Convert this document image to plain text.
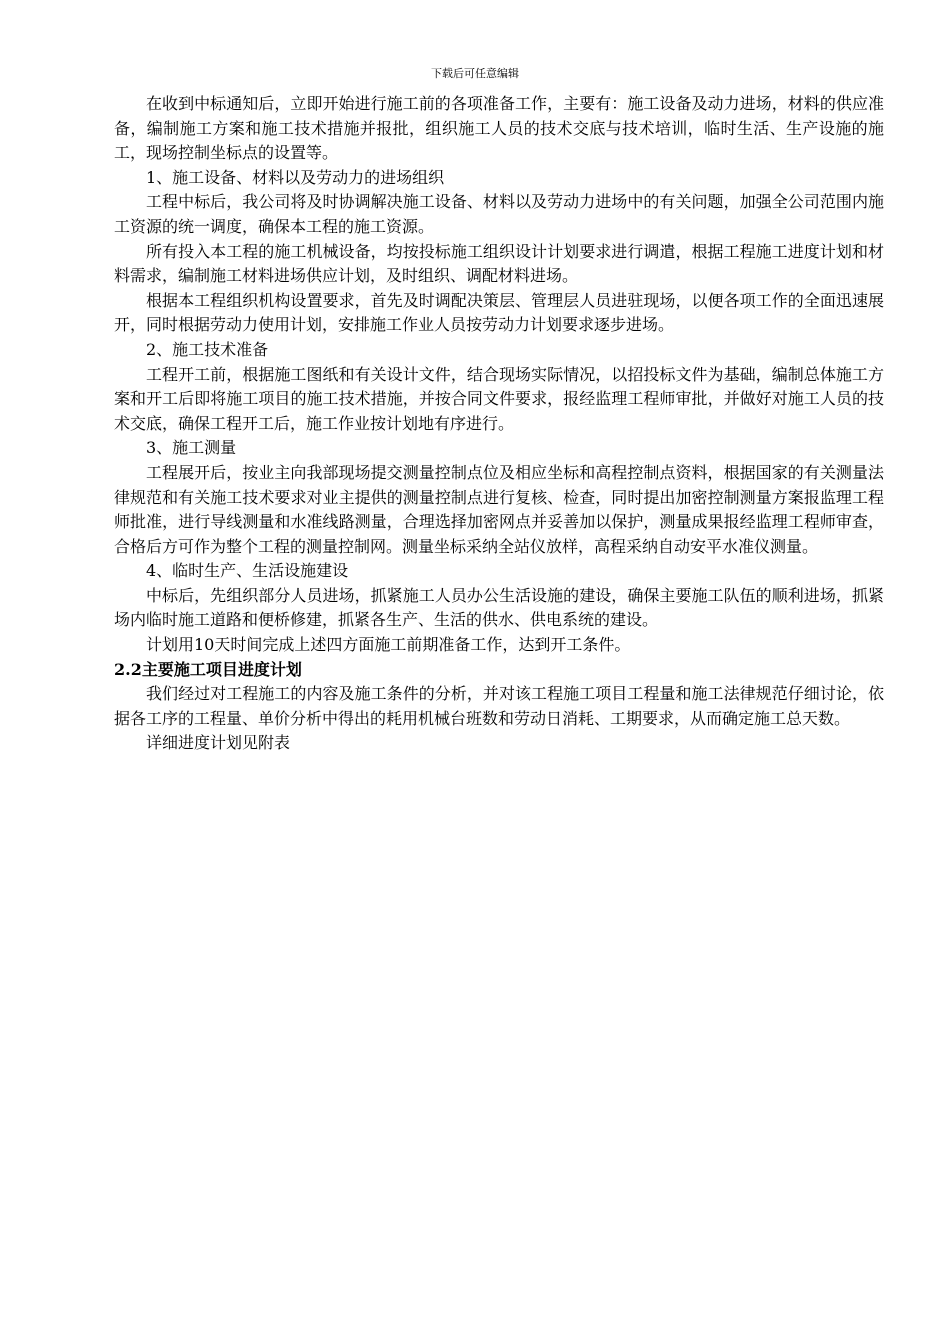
下载后可任意编辑

在收到中标通知后，立即开始进行施工前的各项准备工作，主要有：施工设备及动力进场，材料的供应准备，编制施工方案和施工技术措施并报批，组织施工人员的技术交底与技术培训，临时生活、生产设施的施工，现场控制坐标点的设置等。

1、施工设备、材料以及劳动力的进场组织

工程中标后，我公司将及时协调解决施工设备、材料以及劳动力进场中的有关问题，加强全公司范围内施工资源的统一调度，确保本工程的施工资源。

所有投入本工程的施工机械设备，均按投标施工组织设计计划要求进行调遣，根据工程施工进度计划和材料需求，编制施工材料进场供应计划，及时组织、调配材料进场。

根据本工程组织机构设置要求，首先及时调配决策层、管理层人员进驻现场，以便各项工作的全面迅速展开，同时根据劳动力使用计划，安排施工作业人员按劳动力计划要求逐步进场。

2、施工技术准备

工程开工前，根据施工图纸和有关设计文件，结合现场实际情况，以招投标文件为基础，编制总体施工方案和开工后即将施工项目的施工技术措施，并按合同文件要求，报经监理工程师审批，并做好对施工人员的技术交底，确保工程开工后，施工作业按计划地有序进行。

3、施工测量

工程展开后，按业主向我部现场提交测量控制点位及相应坐标和高程控制点资料，根据国家的有关测量法律规范和有关施工技术要求对业主提供的测量控制点进行复核、检查，同时提出加密控制测量方案报监理工程师批准，进行导线测量和水准线路测量，合理选择加密网点并妥善加以保护，测量成果报经监理工程师审查，合格后方可作为整个工程的测量控制网。测量坐标采纳全站仪放样，高程采纳自动安平水准仪测量。

4、临时生产、生活设施建设

中标后，先组织部分人员进场，抓紧施工人员办公生活设施的建设，确保主要施工队伍的顺利进场，抓紧场内临时施工道路和便桥修建，抓紧各生产、生活的供水、供电系统的建设。

计划用10天时间完成上述四方面施工前期准备工作，达到开工条件。

2.2主要施工项目进度计划

我们经过对工程施工的内容及施工条件的分析，并对该工程施工项目工程量和施工法律规范仔细讨论，依据各工序的工程量、单价分析中得出的耗用机械台班数和劳动日消耗、工期要求，从而确定施工总天数。

详细进度计划见附表
